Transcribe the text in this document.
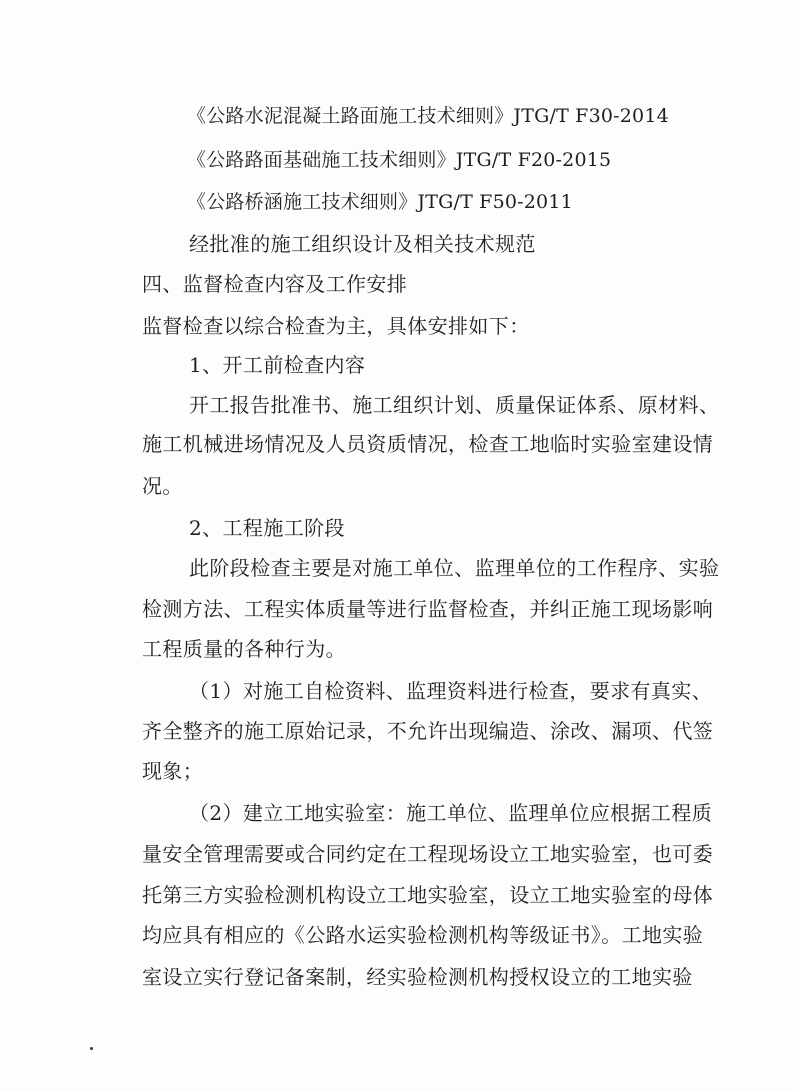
《公路水泥混凝土路面施工技术细则》JTG/T F30-2014
《公路路面基础施工技术细则》JTG/T F20-2015
《公路桥涵施工技术细则》JTG/T F50-2011
经批准的施工组织设计及相关技术规范
四、监督检查内容及工作安排
监督检查以综合检查为主，具体安排如下：
1、开工前检查内容
开工报告批准书、施工组织计划、质量保证体系、原材料、
施工机械进场情况及人员资质情况，检查工地临时实验室建设情
况。
2、工程施工阶段
此阶段检查主要是对施工单位、监理单位的工作程序、实验
检测方法、工程实体质量等进行监督检查，并纠正施工现场影响
工程质量的各种行为。
（1）对施工自检资料、监理资料进行检查，要求有真实、
齐全整齐的施工原始记录，不允许出现编造、涂改、漏项、代签
现象；
（2）建立工地实验室：施工单位、监理单位应根据工程质
量安全管理需要或合同约定在工程现场设立工地实验室，也可委
托第三方实验检测机构设立工地实验室，设立工地实验室的母体
均应具有相应的《公路水运实验检测机构等级证书》。工地实验
室设立实行登记备案制，经实验检测机构授权设立的工地实验
